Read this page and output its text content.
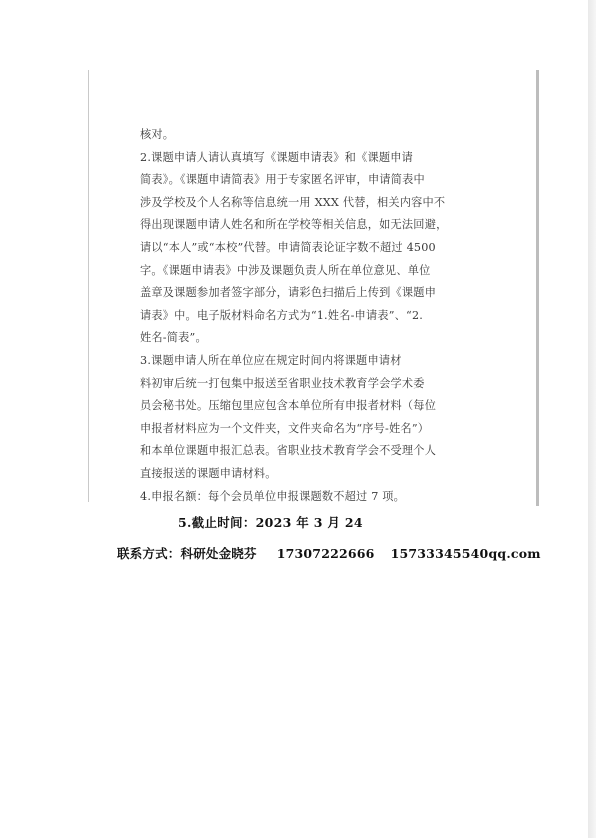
核对。

2.课题申请人请认真填写《课题申请表》和《课题申请

简表》。《课题申请简表》用于专家匿名评审，申请简表中

涉及学校及个人名称等信息统一用 XXX 代替，相关内容中不

得出现课题申请人姓名和所在学校等相关信息，如无法回避，

请以“本人”或“本校”代替。申请简表论证字数不超过 4500

字。《课题申请表》中涉及课题负责人所在单位意见、单位

盖章及课题参加者签字部分，请彩色扫描后上传到《课题申

请表》中。电子版材料命名方式为“1.姓名-申请表”、“2.

姓名-简表”。

3.课题申请人所在单位应在规定时间内将课题申请材

料初审后统一打包集中报送至省职业技术教育学会学术委

员会秘书处。压缩包里应包含本单位所有申报者材料（每位

申报者材料应为一个文件夹，文件夹命名为“序号-姓名”）

和本单位课题申报汇总表。省职业技术教育学会不受理个人

直接报送的课题申请材料。

4.申报名额：每个会员单位申报课题数不超过 7 项。

5.截止时间：2023 年 3 月 24
联系方式：科研处金晓芬 17307222666 15733345540qq.com
